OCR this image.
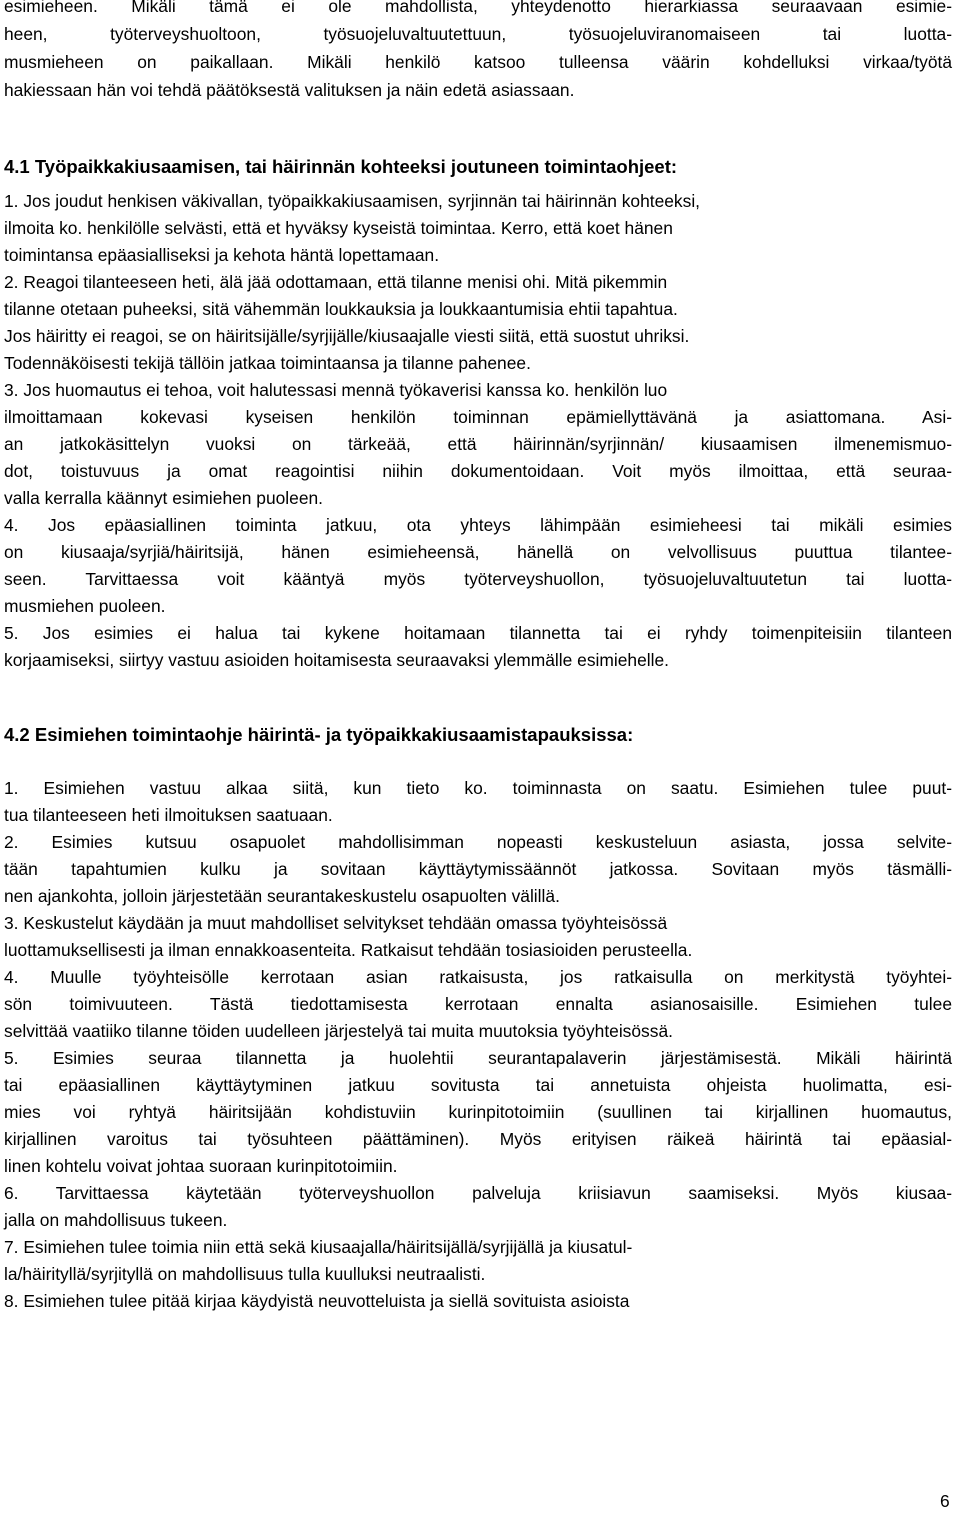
esimieheen. Mikäli tämä ei ole mahdollista, yhteydenotto hierarkiassa seuraavaan esimie-
heen, työterveyshuoltoon, työsuojeluvaltuutettuun, työsuojeluviranomaiseen tai luotta-
musmieheen on paikallaan. Mikäli henkilö katsoo tulleensa väärin kohdelluksi virkaa/työtä
hakiessaan hän voi tehdä päätöksestä valituksen ja näin edetä asiassaan.
4.1 Työpaikkakiusaamisen, tai häirinnän kohteeksi joutuneen toimintaohjeet:
1. Jos joudut henkisen väkivallan, työpaikkakiusaamisen, syrjinnän tai häirinnän kohteeksi,
ilmoita ko. henkilölle selvästi, että et hyväksy kyseistä toimintaa. Kerro, että koet hänen
toimintansa epäasialliseksi ja kehota häntä lopettamaan.
2. Reagoi tilanteeseen heti, älä jää odottamaan, että tilanne menisi ohi. Mitä pikemmin
tilanne otetaan puheeksi, sitä vähemmän loukkauksia ja loukkaantumisia ehtii tapahtua.
Jos häiritty ei reagoi, se on häiritsijälle/syrjijälle/kiusaajalle viesti siitä, että suostut uhriksi.
Todennäköisesti tekijä tällöin jatkaa toimintaansa ja tilanne pahenee.
3. Jos huomautus ei tehoa, voit halutessasi mennä työkaverisi kanssa ko. henkilön luo
ilmoittamaan kokevasi kyseisen henkilön toiminnan epämiellyttävänä ja asiattomana. Asi-
an jatkokäsittelyn vuoksi on tärkeää, että häirinnän/syrjinnän/ kiusaamisen ilmenemismuo-
dot, toistuvuus ja omat reagointisi niihin dokumentoidaan. Voit myös ilmoittaa, että seuraa-
valla kerralla käännyt esimiehen puoleen.
4. Jos epäasiallinen toiminta jatkuu, ota yhteys lähimpään esimieheesi tai mikäli esimies
on kiusaaja/syrjiä/häiritsijä, hänen esimieheensä, hänellä on velvollisuus puuttua tilantee-
seen. Tarvittaessa voit kääntyä myös työterveyshuollon, työsuojeluvaltuutetun tai luotta-
musmiehen puoleen.
5. Jos esimies ei halua tai kykene hoitamaan tilannetta tai ei ryhdy toimenpiteisiin tilanteen
korjaamiseksi, siirtyy vastuu asioiden hoitamisesta seuraavaksi ylemmälle esimiehelle.
4.2 Esimiehen toimintaohje häirintä- ja työpaikkakiusaamistapauksissa:
1. Esimiehen vastuu alkaa siitä, kun tieto ko. toiminnasta on saatu. Esimiehen tulee puut-
tua tilanteeseen heti ilmoituksen saatuaan.
2. Esimies kutsuu osapuolet mahdollisimman nopeasti keskusteluun asiasta, jossa selvite-
tään tapahtumien kulku ja sovitaan käyttäytymissäännöt jatkossa. Sovitaan myös täsmälli-
nen ajankohta, jolloin järjestetään seurantakeskustelu osapuolten välillä.
3. Keskustelut käydään ja muut mahdolliset selvitykset tehdään omassa työyhteisössä
luottamuksellisesti ja ilman ennakkoasenteita. Ratkaisut tehdään tosiasioiden perusteella.
4. Muulle työyhteisölle kerrotaan asian ratkaisusta, jos ratkaisulla on merkitystä työyhtei-
sön toimivuuteen. Tästä tiedottamisesta kerrotaan ennalta asianosaisille. Esimiehen tulee
selvittää vaatiiko tilanne töiden uudelleen järjestelyä tai muita muutoksia työyhteisössä.
5. Esimies seuraa tilannetta ja huolehtii seurantapalaverin järjestämisestä. Mikäli häirintä
tai epäasiallinen käyttäytyminen jatkuu sovitusta tai annetuista ohjeista huolimatta, esi-
mies voi ryhtyä häiritsijään kohdistuviin kurinpitotoimiin (suullinen tai kirjallinen huomautus,
kirjallinen varoitus tai työsuhteen päättäminen). Myös erityisen räikeä häirintä tai epäasial-
linen kohtelu voivat johtaa suoraan kurinpitotoimiin.
6. Tarvittaessa käytetään työterveyshuollon palveluja kriisiavun saamiseksi. Myös kiusaa-
jalla on mahdollisuus tukeen.
7. Esimiehen tulee toimia niin että sekä kiusaajalla/häiritsijällä/syrjijällä ja kiusatul-
la/häirityllä/syrjityllä on mahdollisuus tulla kuulluksi neutraalisti.
8. Esimiehen tulee pitää kirjaa käydyistä neuvotteluista ja siellä sovituista asioista
6
